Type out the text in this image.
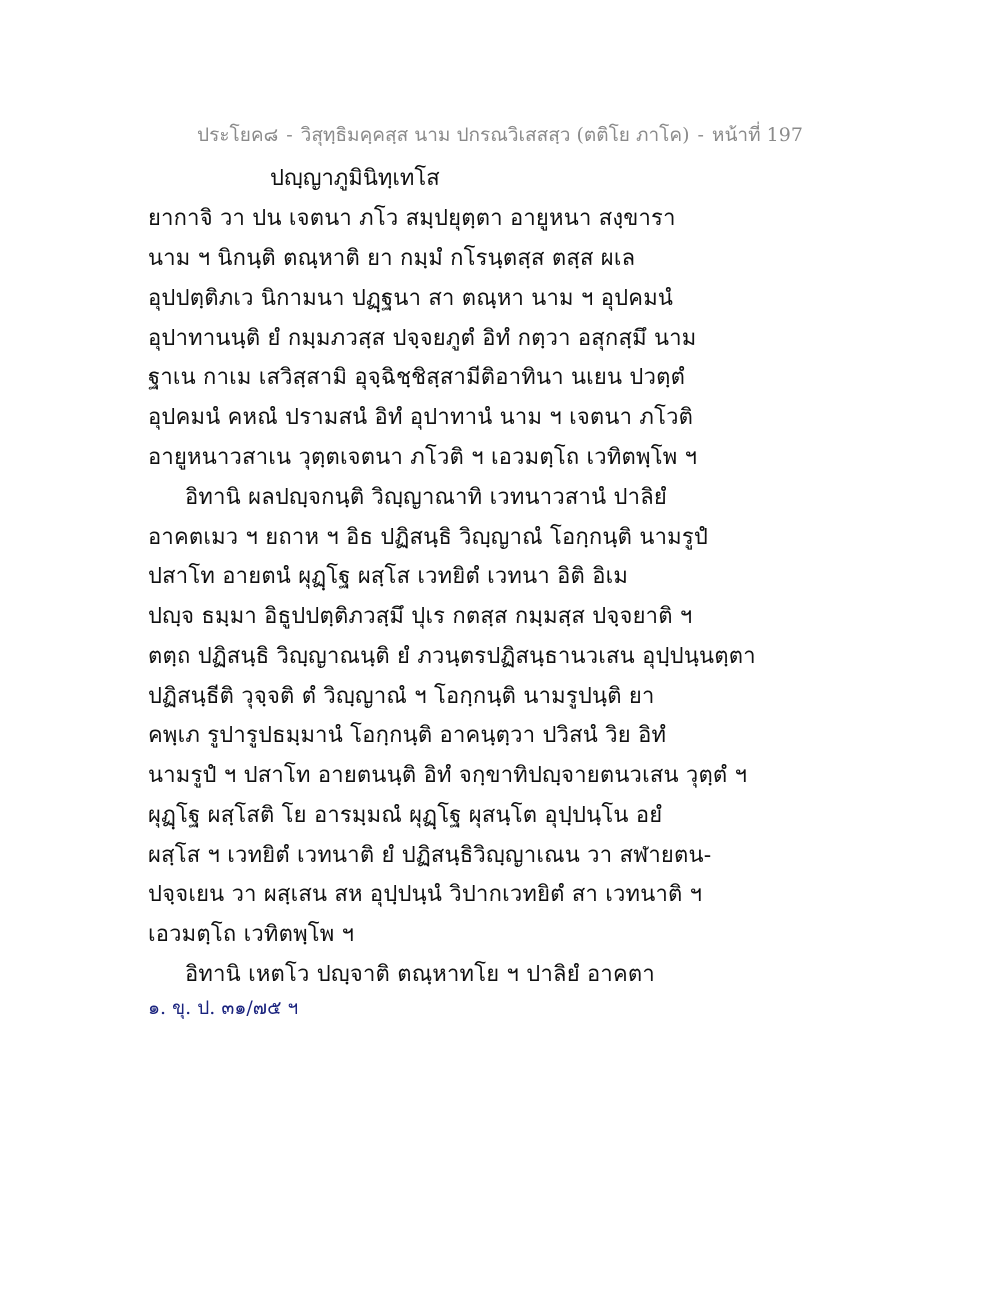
ประโยค๘ - วิสุทฺธิมคฺคสฺส นาม ปกรณวิเสสสฺว (ตติโย ภาโค) - หน้าที่ 197
ปญฺญาภูมินิทฺเทโส
ยากาจิ วา ปน เจตนา ภโว สมฺปยุตฺตา อายูหนา สงฺขารา
นาม ฯ นิกนฺติ ตณฺหาติ ยา กมฺมํ กโรนฺตสฺส ตสฺส ผเล
อุปปตฺติภเว นิกามนา ปฏฺฐนา สา ตณฺหา นาม ฯ อุปคมนํ
อุปาทานนฺติ ยํ กมฺมภวสฺส ปจฺจยภูตํ อิทํ กตฺวา อสุกสฺมึ นาม
ฐาเน กาเม เสวิสฺสามิ อุจฺฉิชฺชิสฺสามีติอาทินา นเยน ปวตฺตํ
อุปคมนํ คหณํ ปรามสนํ อิทํ อุปาทานํ นาม ฯ เจตนา ภโวติ
อายูหนาวสาเน วุตฺตเจตนา ภโวติ ฯ เอวมตฺโถ เวทิตพฺโพ ฯ
อิทานิ ผลปญฺจกนฺติ วิญฺญาณาทิ เวทนาวสานํ ปาลิยํ
อาคตเมว ฯ ยถาห ฯ อิธ ปฏิสนฺธิ วิญฺญาณํ โอกฺกนฺติ นามรูปํ
ปสาโท อายตนํ ผุฏฺโฐ ผสฺโส เวทยิตํ เวทนา อิติ อิเม
ปญฺจ ธมฺมา อิธูปปตฺติภวสฺมึ ปุเร กตสฺส กมฺมสฺส ปจฺจยาติ ฯ
ตตฺถ ปฏิสนฺธิ วิญฺญาณนฺติ ยํ ภวนฺตรปฏิสนฺธานวเสน อุปฺปนฺนตฺตา
ปฏิสนฺธีติ วุจฺจติ ตํ วิญฺญาณํ ฯ โอกฺกนฺติ นามรูปนฺติ ยา
คพฺเภ รูปารูปธมฺมานํ โอกฺกนฺติ อาคนฺตฺวา ปวิสนํ วิย อิทํ
นามรูปํ ฯ ปสาโท อายตนนฺติ อิทํ จกฺขาทิปญฺจายตนวเสน วุตฺตํ ฯ
ผุฏฺโฐ ผสฺโสติ โย อารมฺมณํ ผุฏฺโฐ ผุสนฺโต อุปฺปนฺโน อยํ
ผสฺโส ฯ เวทยิตํ เวทนาติ ยํ ปฏิสนฺธิวิญฺญาเณน วา สฬายตน-
ปจฺจเยน วา ผสฺเสน สห อุปฺปนฺนํ วิปากเวทยิตํ สา เวทนาติ ฯ
เอวมตฺโถ เวทิตพฺโพ ฯ
อิทานิ เหตโว ปญฺจาติ ตณฺหาทโย ฯ ปาลิยํ อาคตา
๑. ขุ. ป. ๓๑/๗๕ ฯ
